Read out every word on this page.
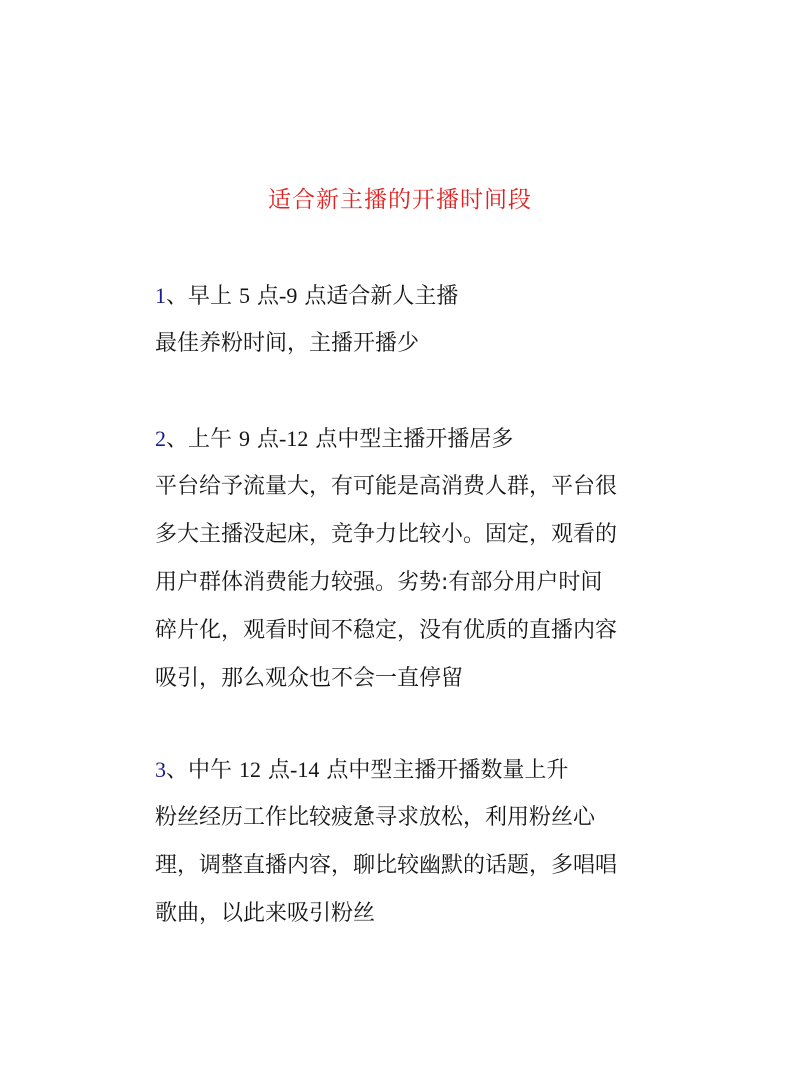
适合新主播的开播时间段
1、早上 5 点-9 点适合新人主播
最佳养粉时间，主播开播少
2、上午 9 点-12 点中型主播开播居多
平台给予流量大，有可能是高消费人群，平台很
多大主播没起床，竞争力比较小。固定，观看的
用户群体消费能力较强。劣势:有部分用户时间
碎片化，观看时间不稳定，没有优质的直播内容
吸引，那么观众也不会一直停留
3、中午 12 点-14 点中型主播开播数量上升
粉丝经历工作比较疲惫寻求放松，利用粉丝心
理，调整直播内容，聊比较幽默的话题，多唱唱
歌曲，以此来吸引粉丝
